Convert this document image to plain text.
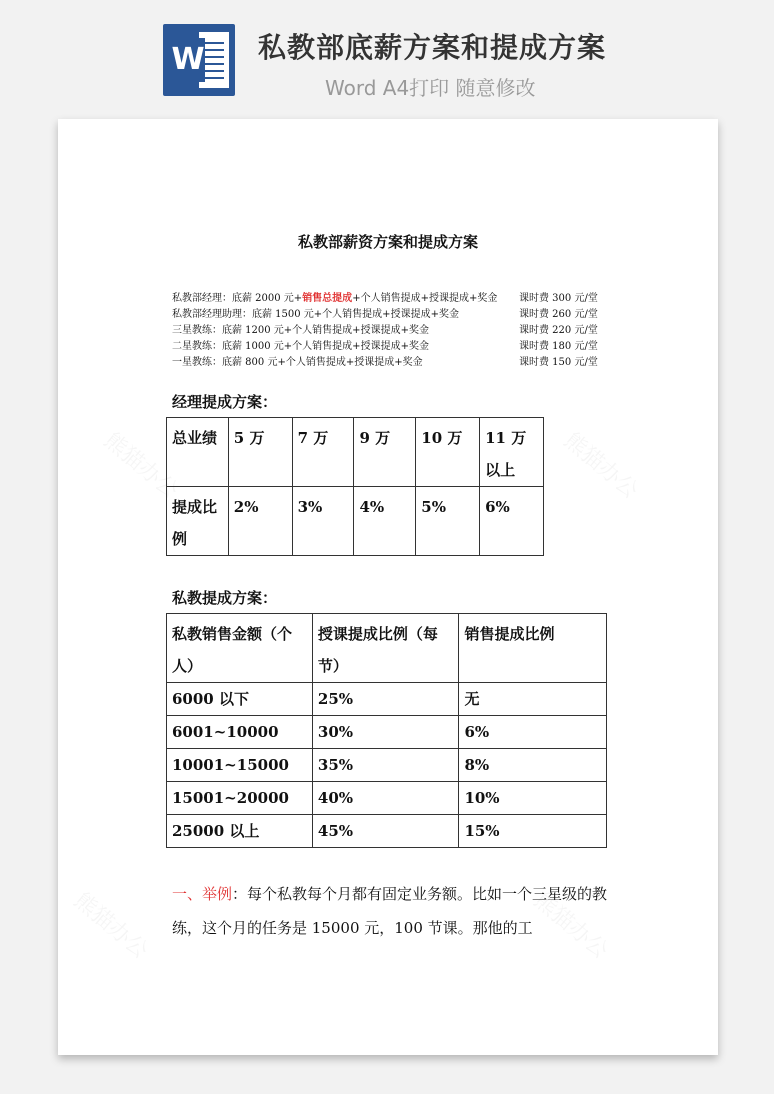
W 私教部底薪方案和提成方案
Word A4打印 随意修改
私教部薪资方案和提成方案
私教部经理：底薪 2000 元+销售总提成+个人销售提成+授课提成+奖金 课时费 300 元/堂
私教部经理助理：底薪 1500 元+个人销售提成+授课提成+奖金	课时费 260 元/堂
三星教练：底薪 1200 元+个人销售提成+授课提成+奖金	课时费 220 元/堂
二星教练：底薪 1000 元+个人销售提成+授课提成+奖金	课时费 180 元/堂
一星教练：底薪 800 元+个人销售提成+授课提成+奖金	课时费 150 元/堂
经理提成方案：
总业绩	5 万	7 万	9 万	10 万	11 万以上
提成比例	2%	3%	4%	5%	6%
私教提成方案：
私教销售金额（个人）	授课提成比例（每节）	销售提成比例
6000 以下	25%	无
6001~10000	30%	6%
10001~15000	35%	8%
15001~20000	40%	10%
25000 以上	45%	15%
一、举例：每个私教每个月都有固定业务额。比如一个三星级的教练，这个月的任务是 15000 元，100 节课。那他的工
